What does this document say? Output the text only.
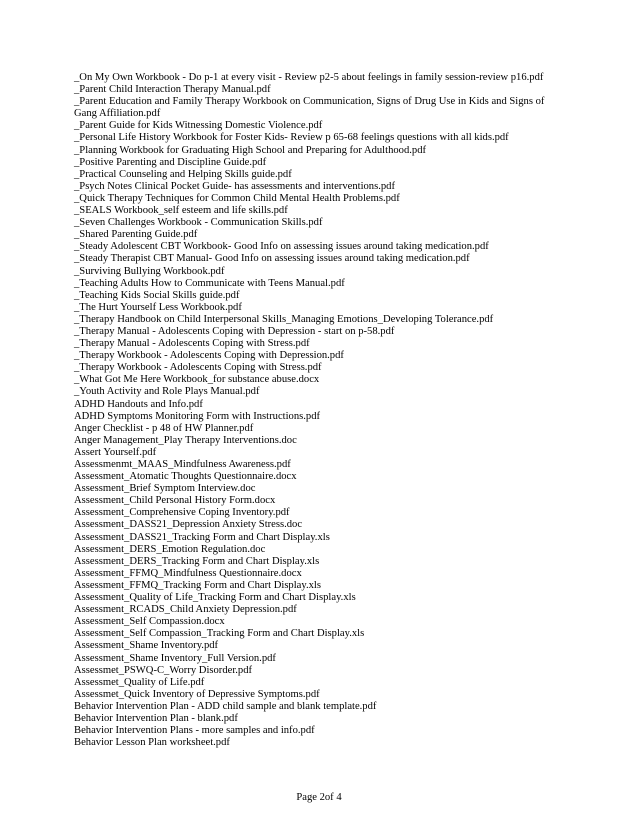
_On My Own Workbook - Do p-1 at every visit - Review p2-5 about feelings in family session-review p16.pdf
_Parent Child Interaction Therapy Manual.pdf
_Parent Education and Family Therapy Workbook on Communication, Signs of Drug Use in Kids and Signs of Gang Affiliation.pdf
_Parent Guide for Kids Witnessing Domestic Violence.pdf
_Personal Life History Workbook for Foster Kids- Review p 65-68 feelings questions with all kids.pdf
_Planning Workbook for Graduating High School and Preparing for Adulthood.pdf
_Positive Parenting and Discipline Guide.pdf
_Practical Counseling and Helping Skills guide.pdf
_Psych Notes Clinical Pocket Guide- has assessments and interventions.pdf
_Quick Therapy Techniques for Common Child Mental Health Problems.pdf
_SEALS Workbook_self esteem and life skills.pdf
_Seven Challenges Workbook - Communication Skills.pdf
_Shared Parenting Guide.pdf
_Steady Adolescent CBT Workbook- Good Info on assessing issues around taking medication.pdf
_Steady Therapist CBT Manual- Good Info on assessing issues around taking medication.pdf
_Surviving Bullying Workbook.pdf
_Teaching Adults How to Communicate with Teens Manual.pdf
_Teaching Kids Social Skills guide.pdf
_The Hurt Yourself Less Workbook.pdf
_Therapy Handbook on Child Interpersonal Skills_Managing Emotions_Developing Tolerance.pdf
_Therapy Manual - Adolescents Coping with Depression - start on p-58.pdf
_Therapy Manual - Adolescents Coping with Stress.pdf
_Therapy Workbook - Adolescents Coping with Depression.pdf
_Therapy Workbook - Adolescents Coping with Stress.pdf
_What Got Me Here Workbook_for substance abuse.docx
_Youth Activity and Role Plays Manual.pdf
ADHD Handouts and Info.pdf
ADHD Symptoms Monitoring Form with Instructions.pdf
Anger Checklist - p 48 of HW Planner.pdf
Anger Management_Play Therapy Interventions.doc
Assert Yourself.pdf
Assessmenmt_MAAS_Mindfulness Awareness.pdf
Assessment_Atomatic Thoughts Questionnaire.docx
Assessment_Brief Symptom Interview.doc
Assessment_Child Personal History Form.docx
Assessment_Comprehensive Coping Inventory.pdf
Assessment_DASS21_Depression Anxiety Stress.doc
Assessment_DASS21_Tracking Form and Chart Display.xls
Assessment_DERS_Emotion Regulation.doc
Assessment_DERS_Tracking Form and Chart Display.xls
Assessment_FFMQ_Mindfulness Questionnaire.docx
Assessment_FFMQ_Tracking Form and Chart Display.xls
Assessment_Quality of Life_Tracking Form and Chart Display.xls
Assessment_RCADS_Child Anxiety Depression.pdf
Assessment_Self Compassion.docx
Assessment_Self Compassion_Tracking Form and Chart Display.xls
Assessment_Shame Inventory.pdf
Assessment_Shame Inventory_Full Version.pdf
Assessmet_PSWQ-C_Worry Disorder.pdf
Assessmet_Quality of Life.pdf
Assessmet_Quick Inventory of Depressive Symptoms.pdf
Behavior Intervention Plan - ADD child sample and blank template.pdf
Behavior Intervention Plan - blank.pdf
Behavior Intervention Plans - more samples and info.pdf
Behavior Lesson Plan worksheet.pdf
Page 2of 4
